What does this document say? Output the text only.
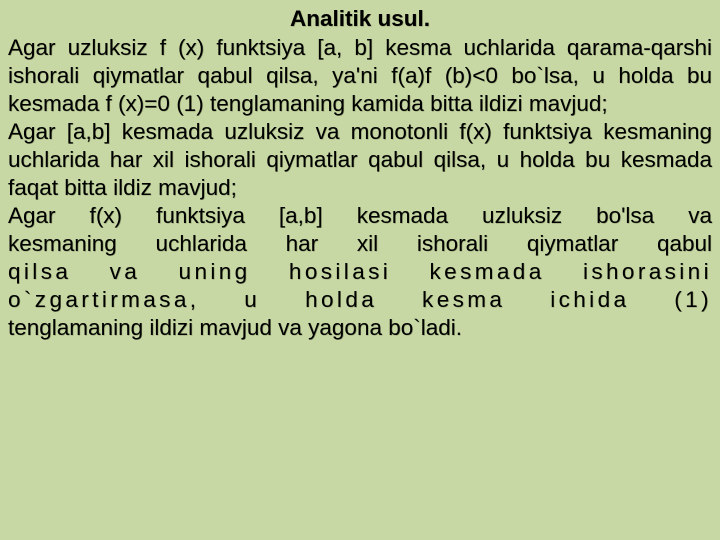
Analitik usul.

Agar uzluksiz f (x) funktsiya [a, b] kesma uchlarida qarama-qarshi ishorali qiymatlar qabul qilsa, ya'ni f(a)f (b)<0 bo`lsa, u holda bu kesmada f (x)=0 (1) tenglamaning kamida bitta ildizi mavjud;

Agar [a,b] kesmada uzluksiz va monotonli f(x) funktsiya kesmaning uchlarida har xil ishorali qiymatlar qabul qilsa, u holda bu kesmada faqat bitta ildiz mavjud;

Agar f(x) funktsiya [a,b] kesmada uzluksiz bo'lsa va
kesmaning uchlarida har xil ishorali qiymatlar qabul
qilsa va uning hosilasi kesmada ishorasini
o`zgartirmasa, u holda kesma ichida (1)
tenglamaning ildizi mavjud va yagona bo`ladi.
